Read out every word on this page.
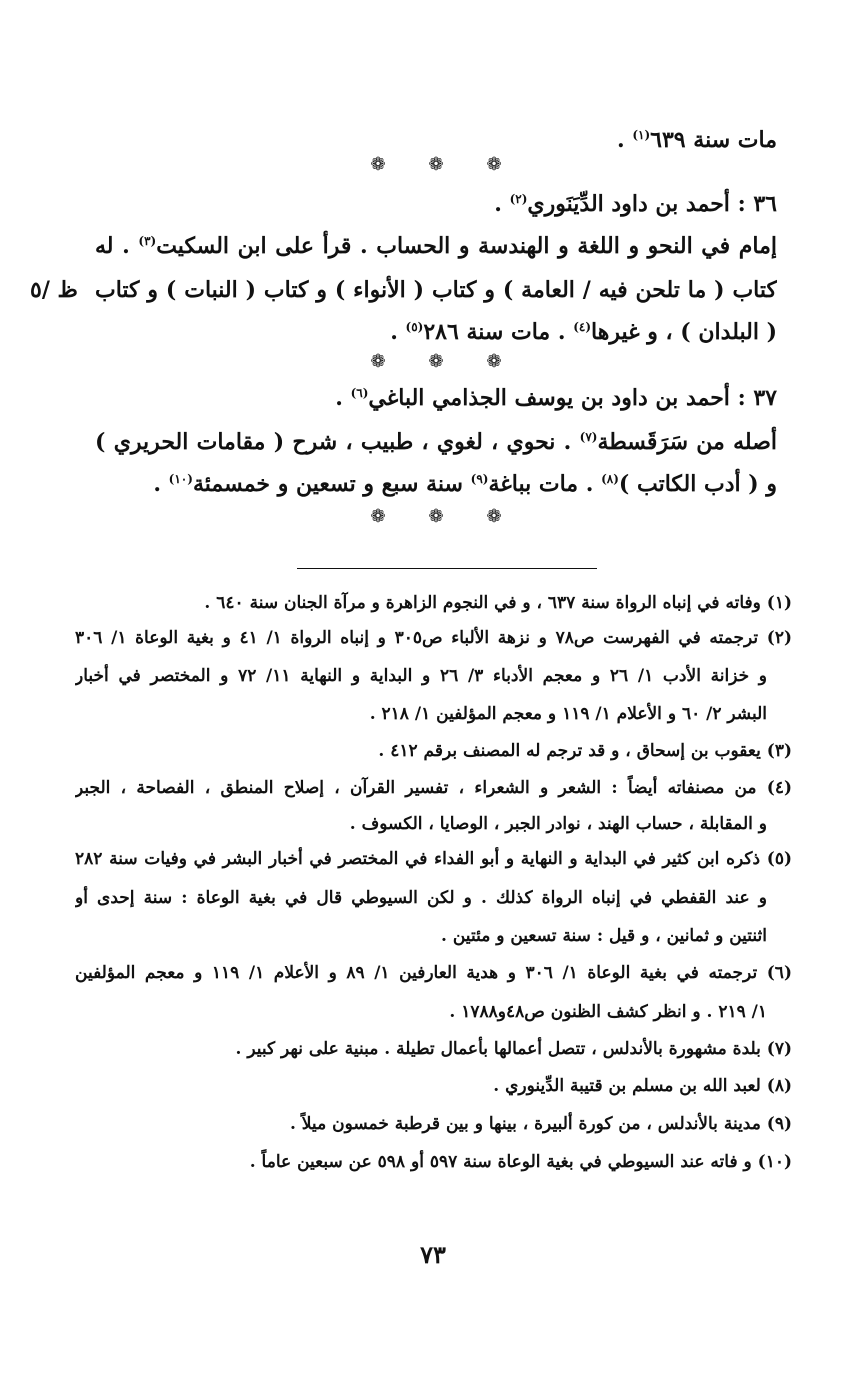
مات سنة ٦٣٩$^{(١)}$ .
❁ ❁ ❁
٣٦ : أحمد بن داود الدِّيَنَوري$^{(٢)}$ .
إمام في النحو و اللغة و الهندسة و الحساب . قرأ على ابن السكيت$^{(٣)}$ . له
كتاب ( ما تلحن فيه / العامة ) و كتاب ( الأنواء ) و كتاب ( النبات ) و كتاب
ظ /٥
( البلدان ) ، و غيرها$^{(٤)}$ . مات سنة ٢٨٦$^{(٥)}$ .
❁ ❁ ❁
٣٧ : أحمد بن داود بن يوسف الجذامي الباغي$^{(٦)}$ .
أصله من سَرَقَسطة$^{(٧)}$ . نحوي ، لغوي ، طبيب ، شرح ( مقامات الحريري )
و ( أدب الكاتب )$^{(٨)}$ . مات بباغة$^{(٩)}$ سنة سبع و تسعين و خمسمئة$^{(١٠)}$ .
❁ ❁ ❁
(١) وفاته في إنباه الرواة سنة ٦٣٧ ، و في النجوم الزاهرة و مرآة الجنان سنة ٦٤٠ .
(٢) ترجمته في الفهرست ص٧٨ و نزهة الألباء ص٣٠٥ و إنباه الرواة ١/ ٤١ و بغية الوعاة ١/ ٣٠٦
و خزانة الأدب ١/ ٢٦ و معجم الأدباء ٣/ ٢٦ و البداية و النهاية ١١/ ٧٢ و المختصر في أخبار
البشر ٢/ ٦٠ و الأعلام ١/ ١١٩ و معجم المؤلفين ١/ ٢١٨ .
(٣) يعقوب بن إسحاق ، و قد ترجم له المصنف برقم ٤١٢ .
(٤) من مصنفاته أيضاً : الشعر و الشعراء ، تفسير القرآن ، إصلاح المنطق ، الفصاحة ، الجبر
و المقابلة ، حساب الهند ، نوادر الجبر ، الوصايا ، الكسوف .
(٥) ذكره ابن كثير في البداية و النهاية و أبو الفداء في المختصر في أخبار البشر في وفيات سنة ٢٨٢
و عند القفطي في إنباه الرواة كذلك . و لكن السيوطي قال في بغية الوعاة : سنة إحدى أو
اثنتين و ثمانين ، و قيل : سنة تسعين و مئتين .
(٦) ترجمته في بغية الوعاة ١/ ٣٠٦ و هدية العارفين ١/ ٨٩ و الأعلام ١/ ١١٩ و معجم المؤلفين
١/ ٢١٩ . و انظر كشف الظنون ص٤٨و١٧٨٨ .
(٧) بلدة مشهورة بالأندلس ، تتصل أعمالها بأعمال تطيلة . مبنية على نهر كبير .
(٨) لعبد الله بن مسلم بن قتيبة الدِّينوري .
(٩) مدينة بالأندلس ، من كورة ألبيرة ، بينها و بين قرطبة خمسون ميلاً .
(١٠) و فاته عند السيوطي في بغية الوعاة سنة ٥٩٧ أو ٥٩٨ عن سبعين عاماً .
٧٣
